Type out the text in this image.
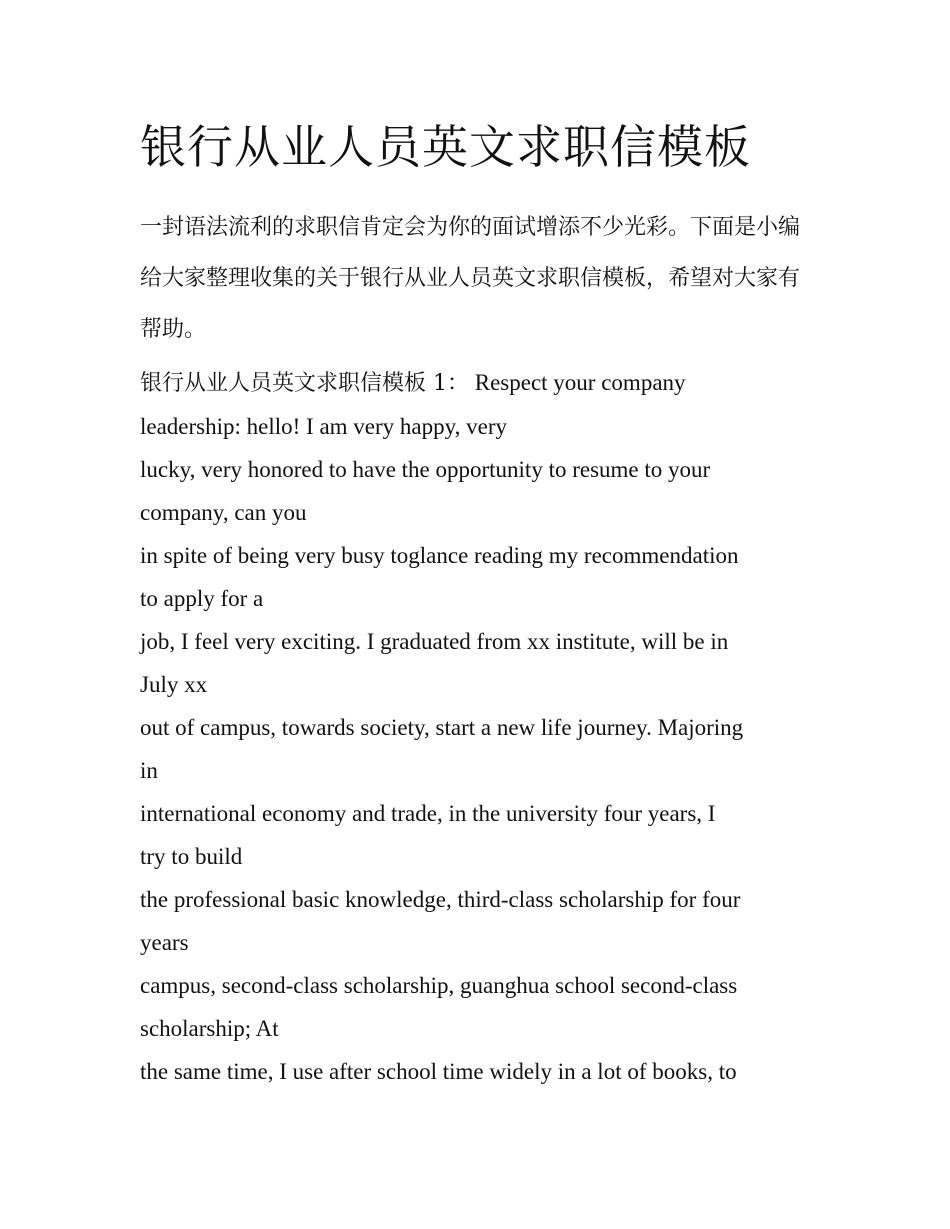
银行从业人员英文求职信模板

一封语法流利的求职信肯定会为你的面试增添不少光彩。下面是小编给大家整理收集的关于银行从业人员英文求职信模板，希望对大家有帮助。

银行从业人员英文求职信模板 1： Respect your company
leadership: hello! I am very happy, very
lucky, very honored to have the opportunity to resume to your
company, can you
in spite of being very busy toglance reading my recommendation
to apply for a
job, I feel very exciting. I graduated from xx institute, will be in
July xx
out of campus, towards society, start a new life journey. Majoring
in
international economy and trade, in the university four years, I
try to build
the professional basic knowledge, third-class scholarship for four
years
campus, second-class scholarship, guanghua school second-class
scholarship; At
the same time, I use after school time widely in a lot of books, to
